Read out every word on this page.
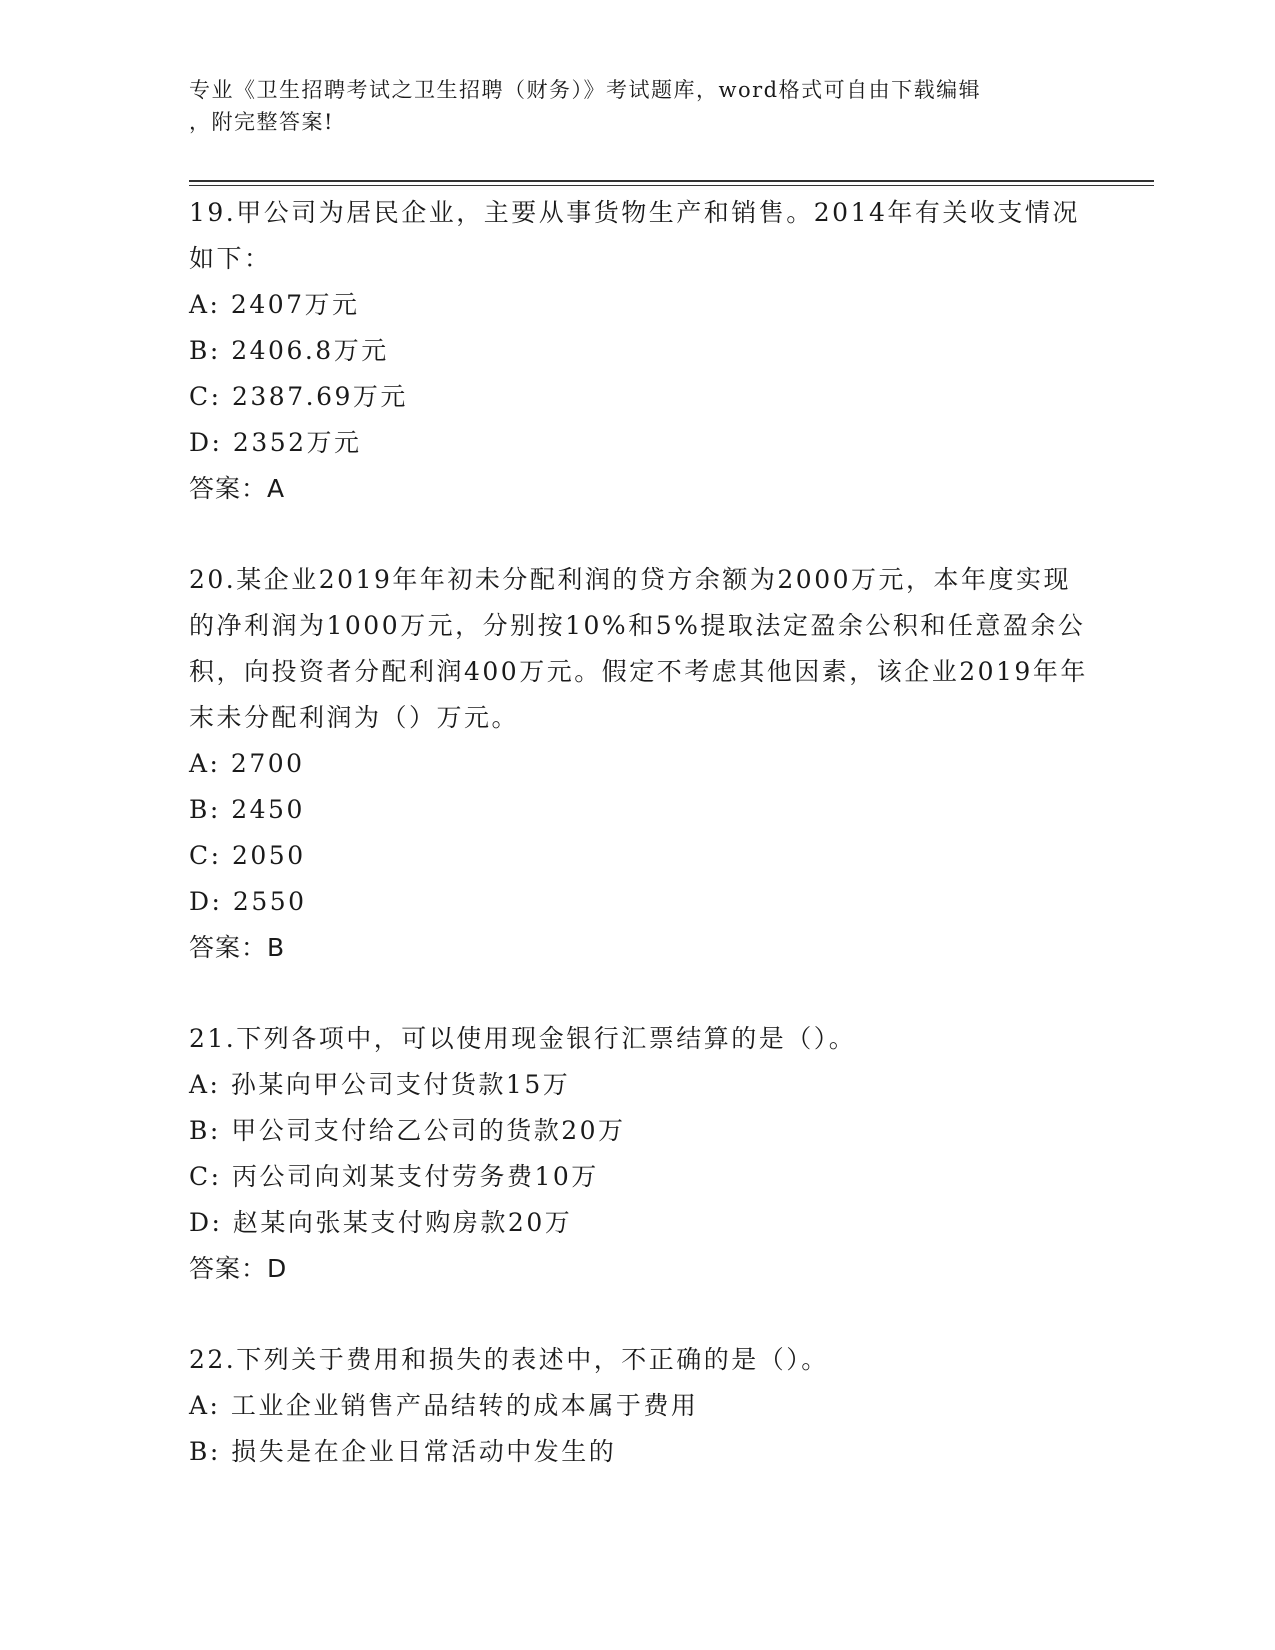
专业《卫生招聘考试之卫生招聘（财务）》考试题库，word格式可自由下载编辑
，附完整答案!

19.甲公司为居民企业，主要从事货物生产和销售。2014年有关收支情况如下：

A: 2407万元
B: 2406.8万元
C: 2387.69万元
D: 2352万元
答案：A

20.某企业2019年年初未分配利润的贷方余额为2000万元，本年度实现的净利润为1000万元，分别按10%和5%提取法定盈余公积和任意盈余公积，向投资者分配利润400万元。假定不考虑其他因素，该企业2019年年末未分配利润为（）万元。

A: 2700
B: 2450
C: 2050
D: 2550
答案：B

21.下列各项中，可以使用现金银行汇票结算的是（）。

A: 孙某向甲公司支付货款15万
B: 甲公司支付给乙公司的货款20万
C: 丙公司向刘某支付劳务费10万
D: 赵某向张某支付购房款20万
答案：D

22.下列关于费用和损失的表述中，不正确的是（）。

A: 工业企业销售产品结转的成本属于费用
B: 损失是在企业日常活动中发生的
